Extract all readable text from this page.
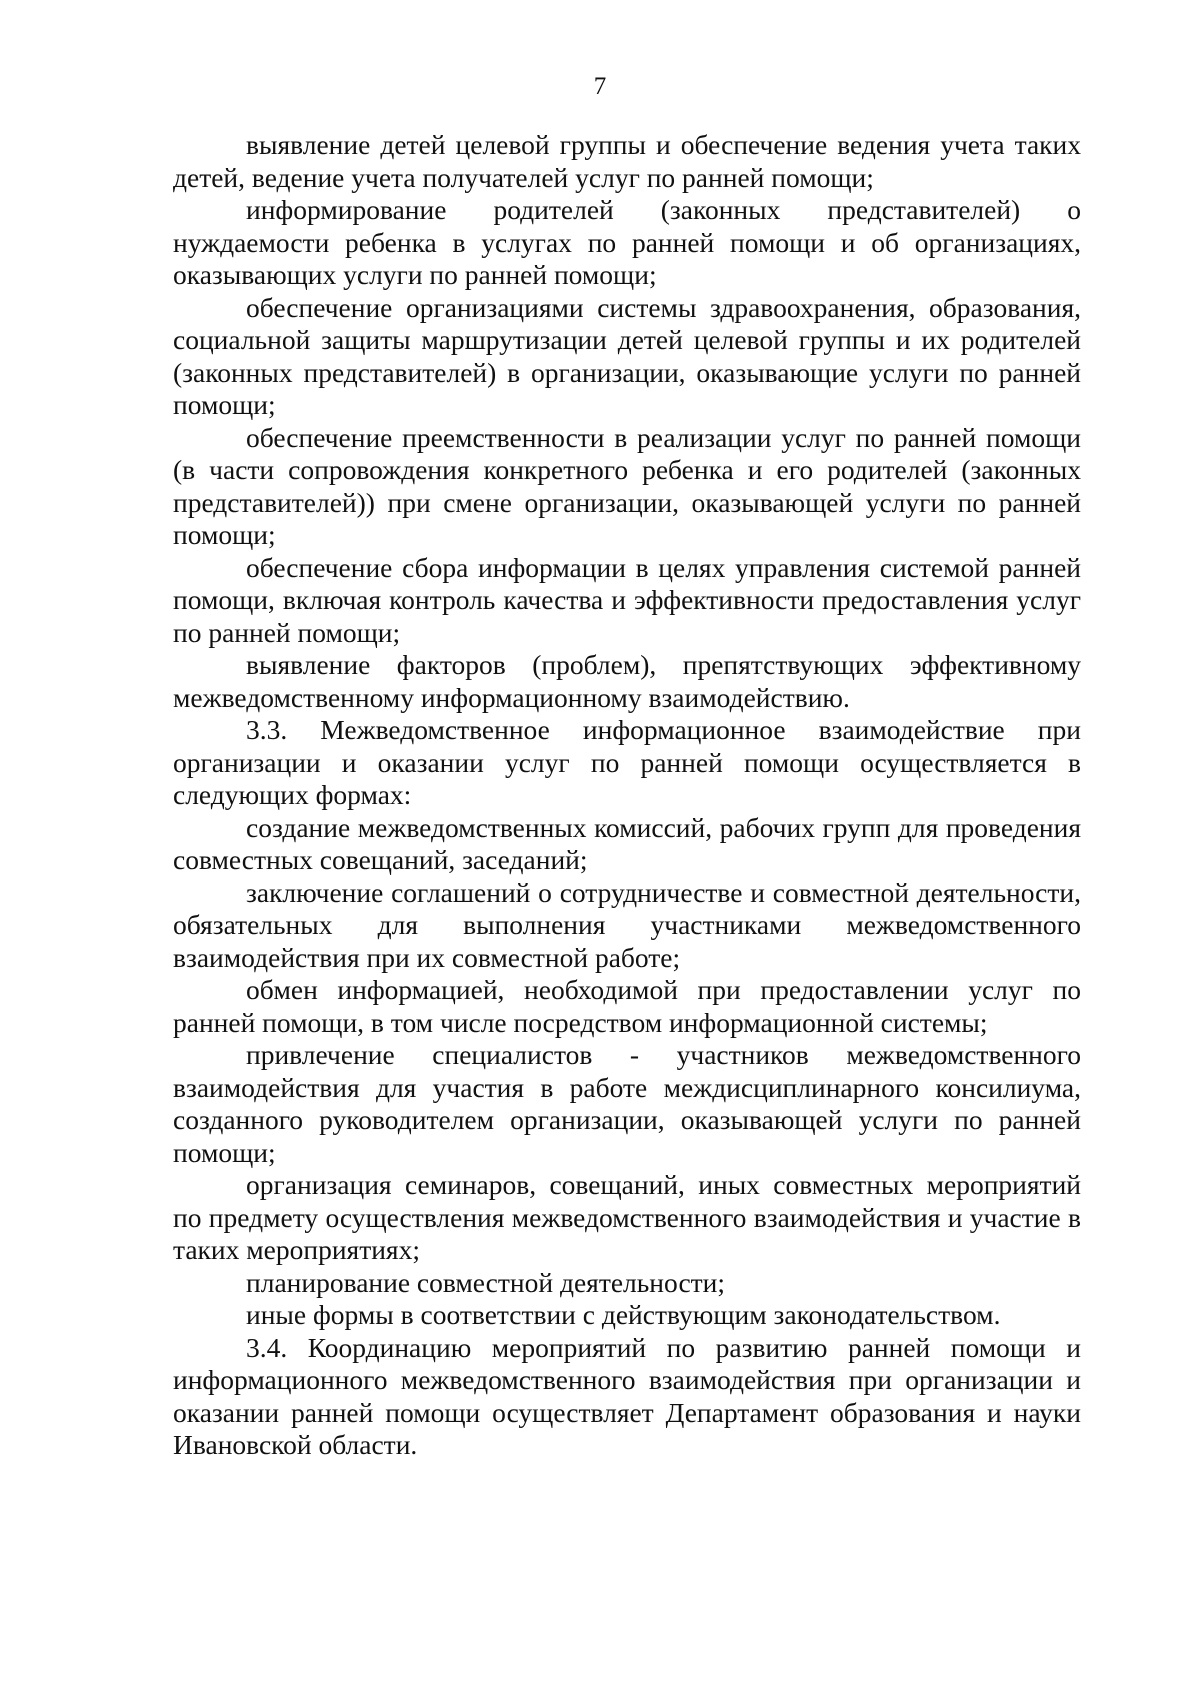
7

выявление детей целевой группы и обеспечение ведения учета таких детей, ведение учета получателей услуг по ранней помощи;

информирование родителей (законных представителей) о нуждаемости ребенка в услугах по ранней помощи и об организациях, оказывающих услуги по ранней помощи;

обеспечение организациями системы здравоохранения, образования, социальной защиты маршрутизации детей целевой группы и их родителей (законных представителей) в организации, оказывающие услуги по ранней помощи;

обеспечение преемственности в реализации услуг по ранней помощи (в части сопровождения конкретного ребенка и его родителей (законных представителей)) при смене организации, оказывающей услуги по ранней помощи;

обеспечение сбора информации в целях управления системой ранней помощи, включая контроль качества и эффективности предоставления услуг по ранней помощи;

выявление факторов (проблем), препятствующих эффективному межведомственному информационному взаимодействию.

3.3. Межведомственное информационное взаимодействие при организации и оказании услуг по ранней помощи осуществляется в следующих формах:

создание межведомственных комиссий, рабочих групп для проведения совместных совещаний, заседаний;

заключение соглашений о сотрудничестве и совместной деятельности, обязательных для выполнения участниками межведомственного взаимодействия при их совместной работе;

обмен информацией, необходимой при предоставлении услуг по ранней помощи, в том числе посредством информационной системы;

привлечение специалистов - участников межведомственного взаимодействия для участия в работе междисциплинарного консилиума, созданного руководителем организации, оказывающей услуги по ранней помощи;

организация семинаров, совещаний, иных совместных мероприятий по предмету осуществления межведомственного взаимодействия и участие в таких мероприятиях;

планирование совместной деятельности;

иные формы в соответствии с действующим законодательством.

3.4. Координацию мероприятий по развитию ранней помощи и информационного межведомственного взаимодействия при организации и оказании ранней помощи осуществляет Департамент образования и науки Ивановской области.
